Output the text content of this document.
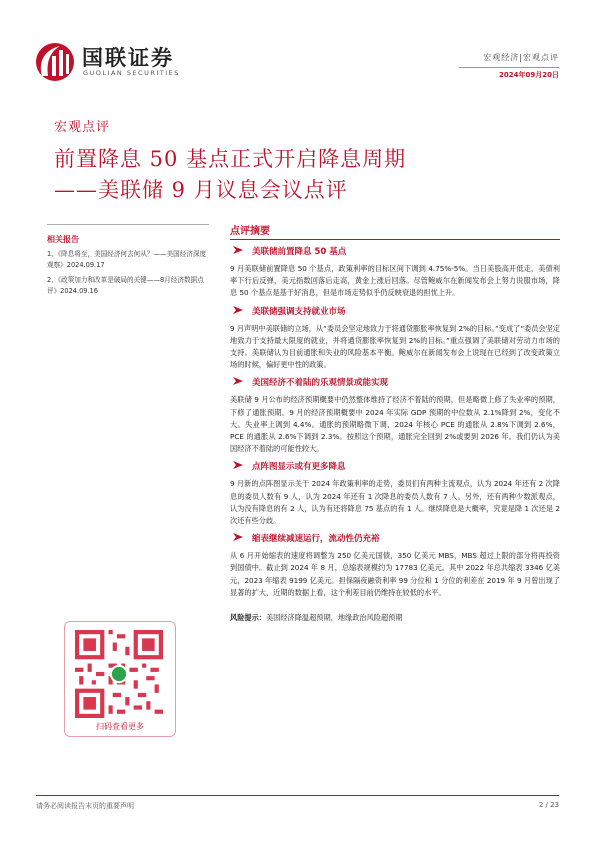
国联证券
GUOLIAN SECURITIES
宏观经济|宏观点评
2024年09月20日
宏观点评
前置降息 50 基点正式开启降息周期
——美联储 9 月议息会议点评
相关报告
1、《降息将至，美国经济何去何从？——美国经济深度观察》2024.09.17
2、《政策加力和改革是破局的关键——8月经济数据点评》2024.09.16
扫码查看更多
点评摘要
美联储前置降息 50 基点
9 月美联储前置降息 50 个基点，政策利率的目标区间下调到 4.75%-5%。当日美股高开低走，美债利率下行后反弹，美元指数回落后走高，黄金上涨后回落。尽管鲍威尔在新闻发布会上努力说服市场，降息 50 个基点是基于好消息，但是市场走势似乎仍反映衰退的担忧上升。
美联储强调支持就业市场
9 月声明中美联储的立场，从“委员会坚定地致力于将通货膨胀率恢复到 2%的目标。”变成了“委员会坚定地致力于支持最大限度的就业，并将通货膨胀率恢复到 2%的目标。”重点强调了美联储对劳动力市场的支持。美联储认为目前通胀和失业的风险基本平衡。鲍威尔在新闻发布会上说现在已经到了改变政策立场的时候，偏好更中性的政策。
美国经济不着陆的乐观情景或能实现
美联储 9 月公布的经济预期概要中仍然整体维持了经济不着陆的预期，但是略微上修了失业率的预期，下修了通胀预期。9 月的经济预期概要中 2024 年实际 GDP 预期的中位数从 2.1%降到 2%，变化不大。失业率上调到 4.4%。通胀的预期略微下调，2024 年核心 PCE 的通胀从 2.8%下调到 2.6%，PCE 的通胀从 2.6%下调到 2.3%。按照这个预期，通胀完全回到 2%或要到 2026 年。我们仍认为美国经济不着陆的可能性较大。
点阵图显示或有更多降息
9 月新的点阵图显示关于 2024 年政策利率的走势，委员们有两种主流观点，认为 2024 年还有 2 次降息的委员人数有 9 人，认为 2024 年还有 1 次降息的委员人数有 7 人。另外，还有两种少数派观点，认为没有降息的有 2 人，认为有还将降息 75 基点的有 1 人。继续降息是大概率，究竟是降 1 次还是 2 次还有些分歧。
缩表继续减速运行，流动性仍充裕
从 6 月开始缩表的速度将调整为 250 亿美元国债，350 亿美元 MBS，MBS 超过上限的部分将再投资到国债中。截止到 2024 年 8 月，总缩表规模约为 17783 亿美元。其中 2022 年总共缩表 3346 亿美元，2023 年缩表 9199 亿美元。担保隔夜融资利率 99 分位和 1 分位的利差在 2019 年 9 月曾出现了显著的扩大，近期的数据上看，这个利差目前仍维持在较低的水平。
风险提示：美国经济降温超预期，地缘政治风险超预期
请务必阅读报告末页的重要声明	2 / 23
